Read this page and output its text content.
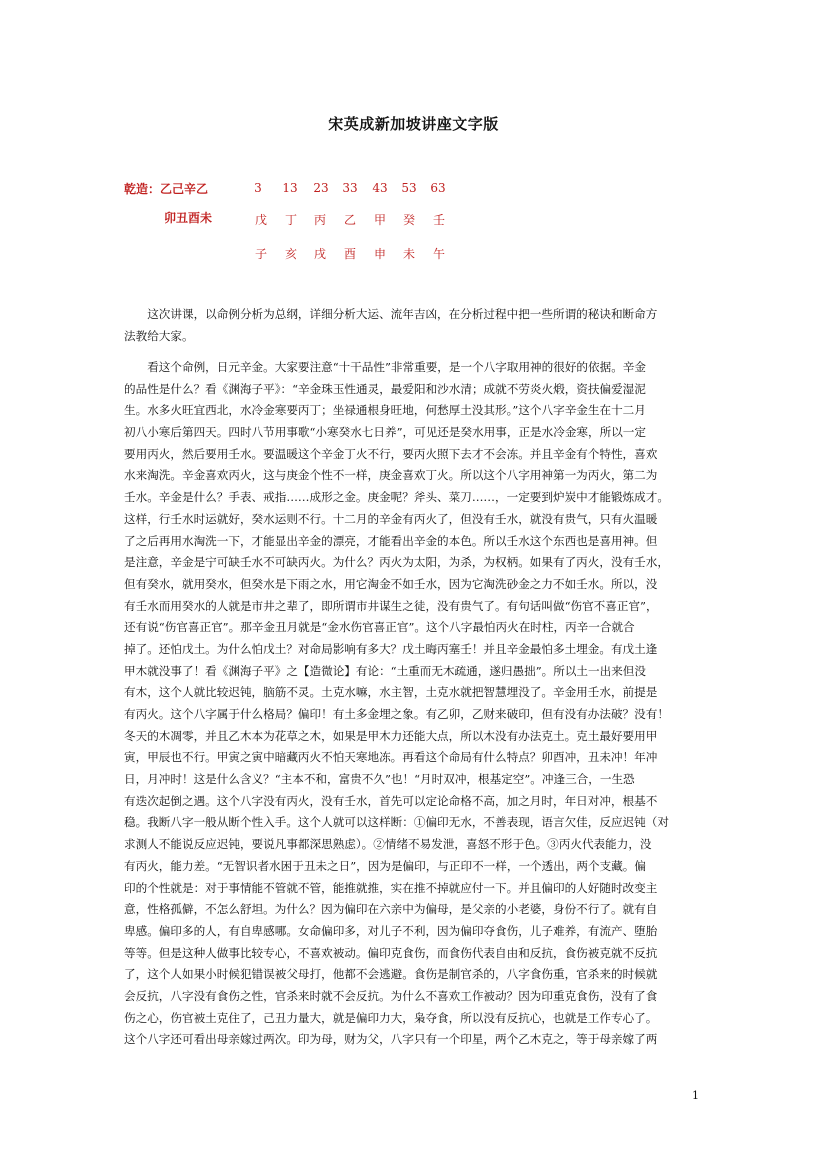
宋英成新加坡讲座文字版
乾造：乙己辛乙
卯丑酉未
3	13	23	33	43	53	63
戊	丁	丙	乙	甲	癸	壬
子	亥	戌	酉	申	未	午
　　这次讲课，以命例分析为总纲，详细分析大运、流年吉凶，在分析过程中把一些所谓的秘诀和断命方
法教给大家。
　　看这个命例，日元辛金。大家要注意“十干品性”非常重要，是一个八字取用神的很好的依据。辛金
的品性是什么？看《渊海子平》：“辛金珠玉性通灵，最爱阳和沙水清；成就不劳炎火煅，资扶偏爱湿泥
生。水多火旺宜西北，水冷金寒要丙丁；坐禄通根身旺地，何愁厚土没其形。”这个八字辛金生在十二月
初八小寒后第四天。四时八节用事歌“小寒癸水七日养”，可见还是癸水用事，正是水冷金寒，所以一定
要用丙火，然后要用壬水。要温暖这个辛金丁火不行，要丙火照下去才不会冻。并且辛金有个特性，喜欢
水来淘洗。辛金喜欢丙火，这与庚金个性不一样，庚金喜欢丁火。所以这个八字用神第一为丙火，第二为
壬水。辛金是什么？手表、戒指……成形之金。庚金呢？斧头、菜刀……，一定要到炉炭中才能锻炼成才。
这样，行壬水时运就好，癸水运则不行。十二月的辛金有丙火了，但没有壬水，就没有贵气，只有火温暖
了之后再用水淘洗一下，才能显出辛金的漂亮，才能看出辛金的本色。所以壬水这个东西也是喜用神。但
是注意，辛金是宁可缺壬水不可缺丙火。为什么？丙火为太阳，为杀，为权柄。如果有了丙火，没有壬水，
但有癸水，就用癸水，但癸水是下雨之水，用它淘金不如壬水，因为它淘洗砂金之力不如壬水。所以，没
有壬水而用癸水的人就是市井之辈了，即所谓市井谋生之徒，没有贵气了。有句话叫做“伤官不喜正官”，
还有说“伤官喜正官”。那辛金丑月就是“金水伤官喜正官”。这个八字最怕丙火在时柱，丙辛一合就合
掉了。还怕戊土。为什么怕戊土？对命局影响有多大？戊土晦丙塞壬！并且辛金最怕多土埋金。有戊土逢
甲木就没事了！看《渊海子平》之【造微论】有论：“土重而无木疏通，遂归愚拙”。所以土一出来但没
有木，这个人就比较迟钝，脑筋不灵。土克水嘛，水主智，土克水就把智慧埋没了。辛金用壬水，前提是
有丙火。这个八字属于什么格局？偏印！有土多金埋之象。有乙卯，乙财来破印，但有没有办法破？没有！
冬天的木凋零，并且乙木本为花草之木，如果是甲木力还能大点，所以木没有办法克土。克土最好要用甲
寅，甲辰也不行。甲寅之寅中暗藏丙火不怕天寒地冻。再看这个命局有什么特点？卯酉冲，丑未冲！年冲
日，月冲时！这是什么含义？“主本不和，富贵不久”也！“月时双冲，根基定空”。冲逢三合，一生恐
有迭次起倒之遇。这个八字没有丙火，没有壬水，首先可以定论命格不高，加之月时，年日对冲，根基不
稳。我断八字一般从断个性入手。这个人就可以这样断：①偏印无水，不善表现，语言欠佳，反应迟钝（对
求测人不能说反应迟钝，要说凡事都深思熟虑）。②情绪不易发泄，喜怒不形于色。③丙火代表能力，没
有丙火，能力差。“无智识者水困于丑未之日”，因为是偏印，与正印不一样，一个透出，两个支藏。偏
印的个性就是：对于事情能不管就不管，能推就推，实在推不掉就应付一下。并且偏印的人好随时改变主
意，性格孤僻，不怎么舒坦。为什么？因为偏印在六亲中为偏母，是父亲的小老婆，身份不行了。就有自
卑感。偏印多的人，有自卑感哪。女命偏印多，对儿子不利，因为偏印夺食伤，儿子难养，有流产、堕胎
等等。但是这种人做事比较专心，不喜欢被动。偏印克食伤，而食伤代表自由和反抗，食伤被克就不反抗
了，这个人如果小时候犯错误被父母打，他都不会逃避。食伤是制官杀的，八字食伤重，官杀来的时候就
会反抗，八字没有食伤之性，官杀来时就不会反抗。为什么不喜欢工作被动？因为印重克食伤，没有了食
伤之心，伤官被土克住了，己丑力量大，就是偏印力大，枭夺食，所以没有反抗心，也就是工作专心了。
这个八字还可看出母亲嫁过两次。印为母，财为父，八字只有一个印星，两个乙木克之，等于母亲嫁了两
1
